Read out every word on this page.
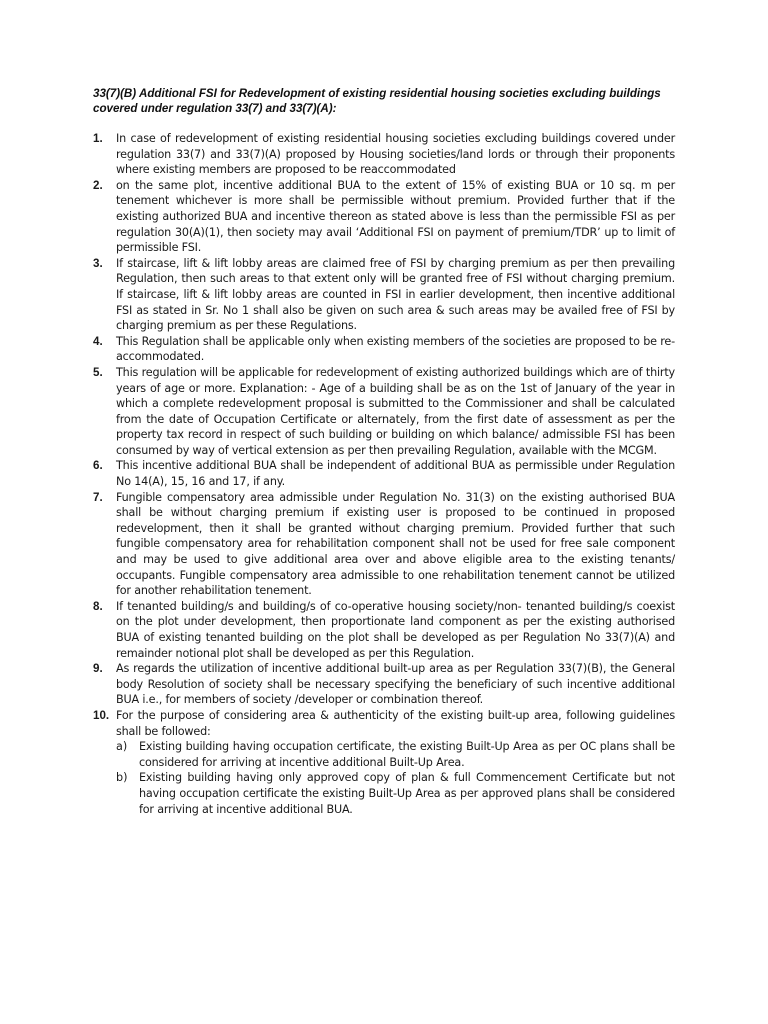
33(7)(B) Additional FSI for Redevelopment of existing residential housing societies excluding buildings covered under regulation 33(7) and 33(7)(A):
1. In case of redevelopment of existing residential housing societies excluding buildings covered under regulation 33(7) and 33(7)(A) proposed by Housing societies/land lords or through their proponents where existing members are proposed to be reaccommodated
2. on the same plot, incentive additional BUA to the extent of 15% of existing BUA or 10 sq. m per tenement whichever is more shall be permissible without premium. Provided further that if the existing authorized BUA and incentive thereon as stated above is less than the permissible FSI as per regulation 30(A)(1), then society may avail ‘Additional FSI on payment of premium/TDR’ up to limit of permissible FSI.
3. If staircase, lift & lift lobby areas are claimed free of FSI by charging premium as per then prevailing Regulation, then such areas to that extent only will be granted free of FSI without charging premium. If staircase, lift & lift lobby areas are counted in FSI in earlier development, then incentive additional FSI as stated in Sr. No 1 shall also be given on such area & such areas may be availed free of FSI by charging premium as per these Regulations.
4. This Regulation shall be applicable only when existing members of the societies are proposed to be re-accommodated.
5. This regulation will be applicable for redevelopment of existing authorized buildings which are of thirty years of age or more. Explanation: - Age of a building shall be as on the 1st of January of the year in which a complete redevelopment proposal is submitted to the Commissioner and shall be calculated from the date of Occupation Certificate or alternately, from the first date of assessment as per the property tax record in respect of such building or building on which balance/ admissible FSI has been consumed by way of vertical extension as per then prevailing Regulation, available with the MCGM.
6. This incentive additional BUA shall be independent of additional BUA as permissible under Regulation No 14(A), 15, 16 and 17, if any.
7. Fungible compensatory area admissible under Regulation No. 31(3) on the existing authorised BUA shall be without charging premium if existing user is proposed to be continued in proposed redevelopment, then it shall be granted without charging premium. Provided further that such fungible compensatory area for rehabilitation component shall not be used for free sale component and may be used to give additional area over and above eligible area to the existing tenants/ occupants. Fungible compensatory area admissible to one rehabilitation tenement cannot be utilized for another rehabilitation tenement.
8. If tenanted building/s and building/s of co-operative housing society/non- tenanted building/s coexist on the plot under development, then proportionate land component as per the existing authorised BUA of existing tenanted building on the plot shall be developed as per Regulation No 33(7)(A) and remainder notional plot shall be developed as per this Regulation.
9. As regards the utilization of incentive additional built-up area as per Regulation 33(7)(B), the General body Resolution of society shall be necessary specifying the beneficiary of such incentive additional BUA i.e., for members of society /developer or combination thereof.
10. For the purpose of considering area & authenticity of the existing built-up area, following guidelines shall be followed:
a) Existing building having occupation certificate, the existing Built-Up Area as per OC plans shall be considered for arriving at incentive additional Built-Up Area.
b) Existing building having only approved copy of plan & full Commencement Certificate but not having occupation certificate the existing Built-Up Area as per approved plans shall be considered for arriving at incentive additional BUA.
